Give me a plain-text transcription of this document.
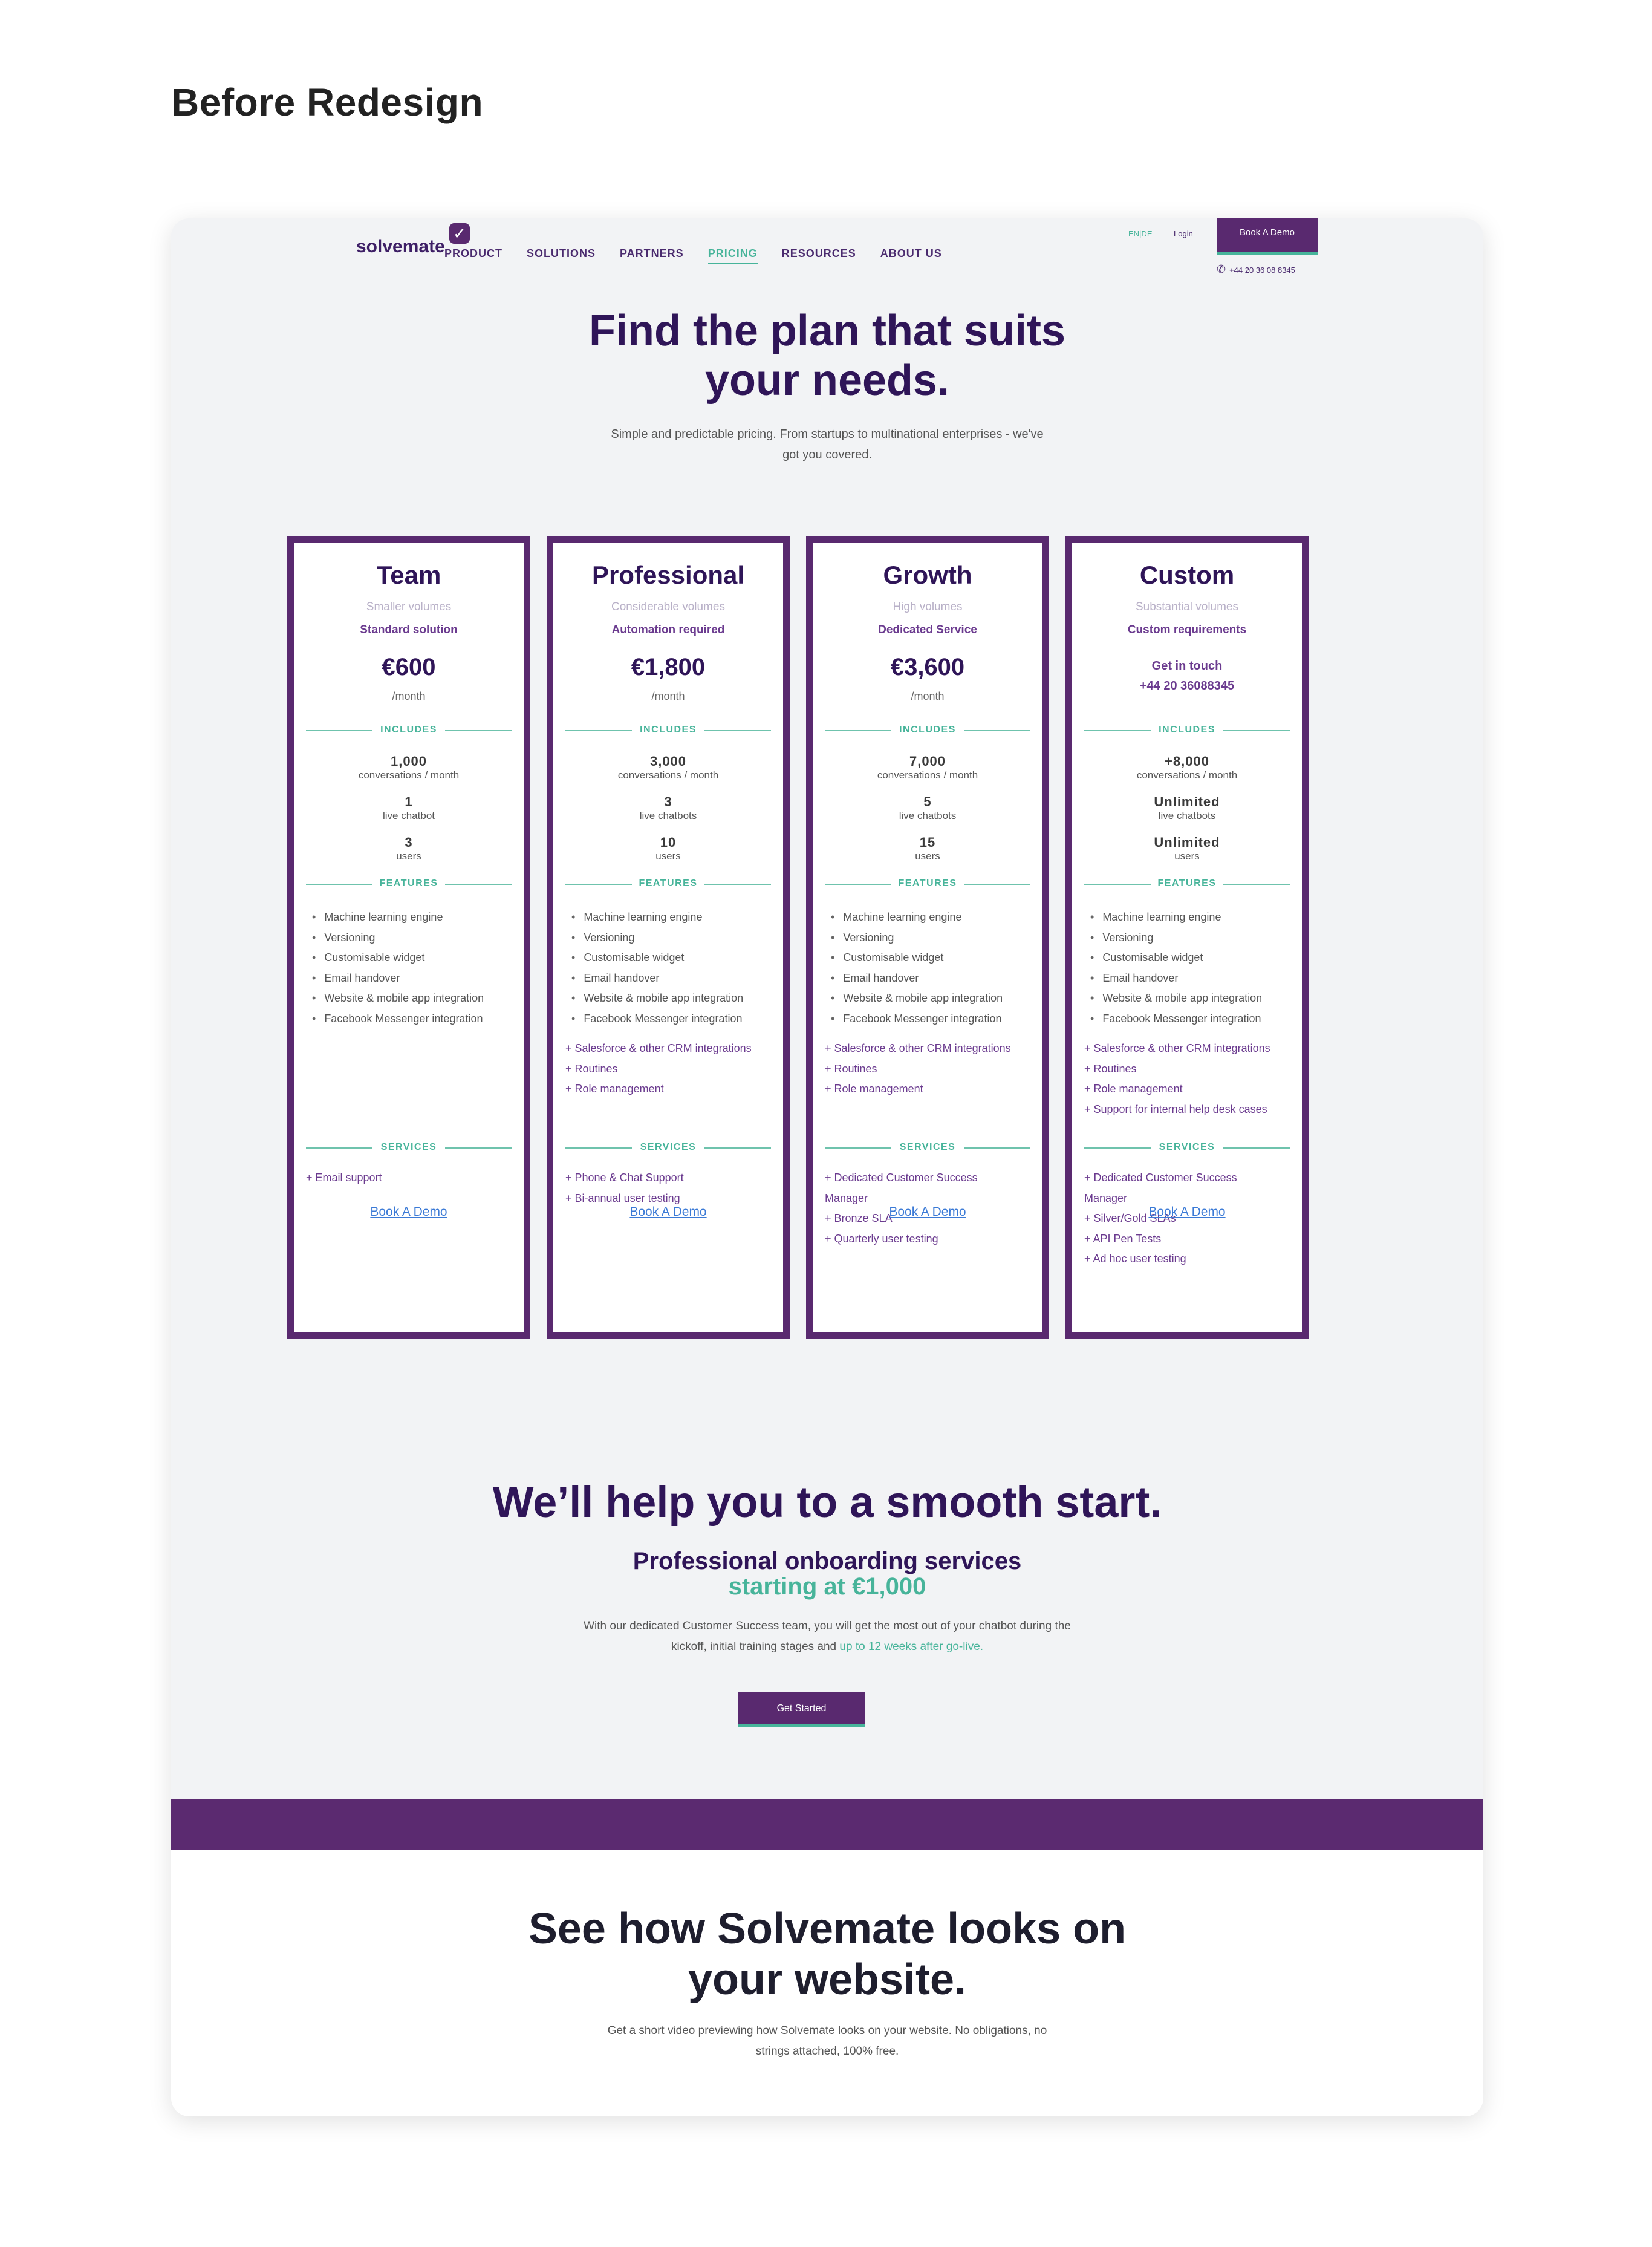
Before Redesign
solvemate
✓
PRODUCT SOLUTIONS PARTNERS PRICING RESOURCES ABOUT US
EN|DE	Login	Book A Demo
✆ +44 20 36 08 8345
Find the plan that suits
your needs.
Simple and predictable pricing. From startups to multinational enterprises - we've
got you covered.
Team
Smaller volumes
Standard solution
€600
/month
INCLUDES
FEATURES
SERVICES
1,000
conversations / month
1
live chatbot
3
users
• Machine learning engine
• Versioning
• Customisable widget
• Email handover
• Website & mobile app integration
• Facebook Messenger integration
+ Email support
Book A Demo
Professional
Considerable volumes
Automation required
€1,800
/month
INCLUDES
FEATURES
SERVICES
3,000
conversations / month
3
live chatbots
10
users
• Machine learning engine
• Versioning
• Customisable widget
• Email handover
• Website & mobile app integration
• Facebook Messenger integration
+ Salesforce & other CRM integrations
+ Routines
+ Role management
+ Phone & Chat Support
+ Bi-annual user testing
Book A Demo
Growth
High volumes
Dedicated Service
€3,600
/month
INCLUDES
FEATURES
SERVICES
7,000
conversations / month
5
live chatbots
15
users
• Machine learning engine
• Versioning
• Customisable widget
• Email handover
• Website & mobile app integration
• Facebook Messenger integration
+ Salesforce & other CRM integrations
+ Routines
+ Role management
+ Dedicated Customer Success
Manager
+ Bronze SLA
+ Quarterly user testing
Book A Demo
Custom
Substantial volumes
Custom requirements
Get in touch
+44 20 36088345
INCLUDES
FEATURES
SERVICES
+8,000
conversations / month
Unlimited
live chatbots
Unlimited
users
• Machine learning engine
• Versioning
• Customisable widget
• Email handover
• Website & mobile app integration
• Facebook Messenger integration
+ Salesforce & other CRM integrations
+ Routines
+ Role management
+ Support for internal help desk cases
+ Dedicated Customer Success
Manager
+ Silver/Gold SLAs
+ API Pen Tests
+ Ad hoc user testing
Book A Demo
We’ll help you to a smooth start.
Professional onboarding services
starting at €1,000
With our dedicated Customer Success team, you will get the most out of your chatbot during the
kickoff, initial training stages and up to 12 weeks after go-live.
Get Started
See how Solvemate looks on
your website.
Get a short video previewing how Solvemate looks on your website. No obligations, no
strings attached, 100% free.
